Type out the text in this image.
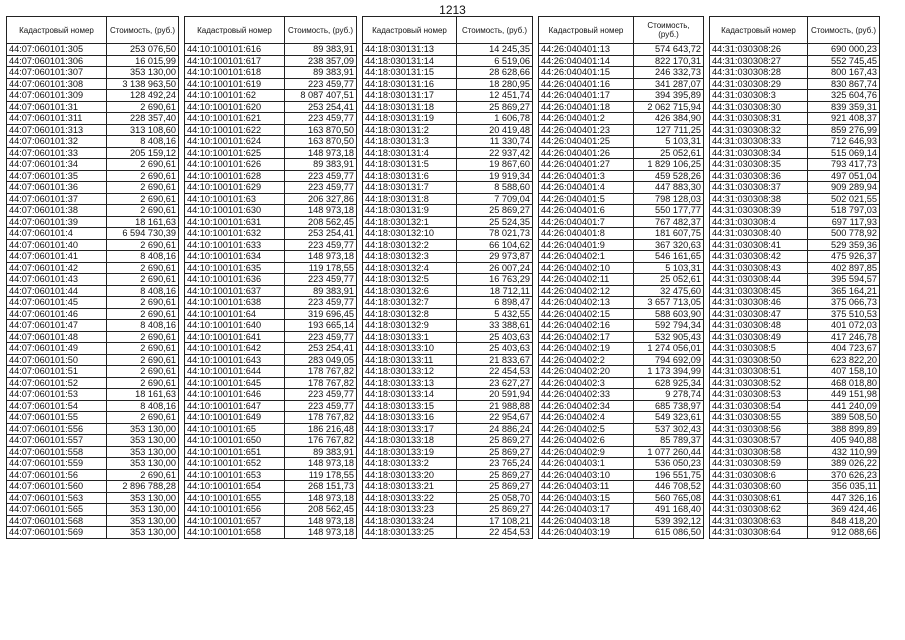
1213
Кадастровый номер	Стоимость, (руб.)
44:07:060101:305	253 076,50
44:07:060101:306	16 015,99
44:07:060101:307	353 130,00
44:07:060101:308	3 138 963,50
44:07:060101:309	128 492,24
44:07:060101:31	2 690,61
44:07:060101:311	228 357,40
44:07:060101:313	313 108,60
44:07:060101:32	8 408,16
44:07:060101:33	205 159,12
44:07:060101:34	2 690,61
44:07:060101:35	2 690,61
44:07:060101:36	2 690,61
44:07:060101:37	2 690,61
44:07:060101:38	2 690,61
44:07:060101:39	18 161,63
44:07:060101:4	6 594 730,39
44:07:060101:40	2 690,61
44:07:060101:41	8 408,16
44:07:060101:42	2 690,61
44:07:060101:43	2 690,61
44:07:060101:44	8 408,16
44:07:060101:45	2 690,61
44:07:060101:46	2 690,61
44:07:060101:47	8 408,16
44:07:060101:48	2 690,61
44:07:060101:49	2 690,61
44:07:060101:50	2 690,61
44:07:060101:51	2 690,61
44:07:060101:52	2 690,61
44:07:060101:53	18 161,63
44:07:060101:54	8 408,16
44:07:060101:55	2 690,61
44:07:060101:556	353 130,00
44:07:060101:557	353 130,00
44:07:060101:558	353 130,00
44:07:060101:559	353 130,00
44:07:060101:56	2 690,61
44:07:060101:560	2 896 788,28
44:07:060101:563	353 130,00
44:07:060101:565	353 130,00
44:07:060101:568	353 130,00
44:07:060101:569	353 130,00
Кадастровый номер	Стоимость, (руб.)
44:10:100101:616	89 383,91
44:10:100101:617	238 357,09
44:10:100101:618	89 383,91
44:10:100101:619	223 459,77
44:10:100101:62	8 087 407,51
44:10:100101:620	253 254,41
44:10:100101:621	223 459,77
44:10:100101:622	163 870,50
44:10:100101:624	163 870,50
44:10:100101:625	148 973,18
44:10:100101:626	89 383,91
44:10:100101:628	223 459,77
44:10:100101:629	223 459,77
44:10:100101:63	206 327,86
44:10:100101:630	148 973,18
44:10:100101:631	208 562,45
44:10:100101:632	253 254,41
44:10:100101:633	223 459,77
44:10:100101:634	148 973,18
44:10:100101:635	119 178,55
44:10:100101:636	223 459,77
44:10:100101:637	89 383,91
44:10:100101:638	223 459,77
44:10:100101:64	319 696,45
44:10:100101:640	193 665,14
44:10:100101:641	223 459,77
44:10:100101:642	253 254,41
44:10:100101:643	283 049,05
44:10:100101:644	178 767,82
44:10:100101:645	178 767,82
44:10:100101:646	223 459,77
44:10:100101:647	223 459,77
44:10:100101:649	178 767,82
44:10:100101:65	186 216,48
44:10:100101:650	176 767,82
44:10:100101:651	89 383,91
44:10:100101:652	148 973,18
44:10:100101:653	119 178,55
44:10:100101:654	268 151,73
44:10:100101:655	148 973,18
44:10:100101:656	208 562,45
44:10:100101:657	148 973,18
44:10:100101:658	148 973,18
Кадастровый номер	Стоимость, (руб.)
44:18:030131:13	14 245,35
44:18:030131:14	6 519,06
44:18:030131:15	28 628,66
44:18:030131:16	18 280,95
44:18:030131:17	12 451,74
44:18:030131:18	25 869,27
44:18:030131:19	1 606,78
44:18:030131:2	20 419,48
44:18:030131:3	11 330,74
44:18:030131:4	22 937,42
44:18:030131:5	19 867,60
44:18:030131:6	19 919,34
44:18:030131:7	8 588,60
44:18:030131:8	7 709,04
44:18:030131:9	25 869,27
44:18:030132:1	25 524,35
44:18:030132:10	78 021,73
44:18:030132:2	66 104,62
44:18:030132:3	29 973,87
44:18:030132:4	26 007,24
44:18:030132:5	16 763,29
44:18:030132:6	18 712,11
44:18:030132:7	6 898,47
44:18:030132:8	5 432,55
44:18:030132:9	33 388,61
44:18:030133:1	25 403,63
44:18:030133:10	25 403,63
44:18:030133:11	21 833,67
44:18:030133:12	22 454,53
44:18:030133:13	23 627,27
44:18:030133:14	20 591,94
44:18:030133:15	21 988,88
44:18:030133:16	22 954,67
44:18:030133:17	24 886,24
44:18:030133:18	25 869,27
44:18:030133:19	25 869,27
44:18:030133:2	23 765,24
44:18:030133:20	25 869,27
44:18:030133:21	25 869,27
44:18:030133:22	25 058,70
44:18:030133:23	25 869,27
44:18:030133:24	17 108,21
44:18:030133:25	22 454,53
Кадастровый номер	Стоимость, (руб.)
44:26:040401:13	574 643,72
44:26:040401:14	822 170,31
44:26:040401:15	246 332,73
44:26:040401:16	341 287,07
44:26:040401:17	394 395,89
44:26:040401:18	2 062 715,94
44:26:040401:2	426 384,90
44:26:040401:23	127 711,25
44:26:040401:25	5 103,31
44:26:040401:26	25 052,61
44:26:040401:27	1 829 106,25
44:26:040401:3	459 528,26
44:26:040401:4	447 883,30
44:26:040401:5	798 128,03
44:26:040401:6	550 177,77
44:26:040401:7	767 482,37
44:26:040401:8	181 607,75
44:26:040401:9	367 320,63
44:26:040402:1	546 161,65
44:26:040402:10	5 103,31
44:26:040402:11	25 052,61
44:26:040402:12	32 475,60
44:26:040402:13	3 657 713,05
44:26:040402:15	588 603,90
44:26:040402:16	592 794,34
44:26:040402:17	532 905,43
44:26:040402:19	1 274 056,01
44:26:040402:2	794 692,09
44:26:040402:20	1 173 394,99
44:26:040402:3	628 925,34
44:26:040402:33	9 278,74
44:26:040402:34	685 738,97
44:26:040402:4	549 323,61
44:26:040402:5	537 302,43
44:26:040402:6	85 789,37
44:26:040402:9	1 077 260,44
44:26:040403:1	536 050,23
44:26:040403:10	196 551,75
44:26:040403:11	446 708,52
44:26:040403:15	560 765,08
44:26:040403:17	491 168,40
44:26:040403:18	539 392,12
44:26:040403:19	615 086,50
Кадастровый номер	Стоимость, (руб.)
44:31:030308:26	690 000,23
44:31:030308:27	552 745,45
44:31:030308:28	800 167,43
44:31:030308:29	830 867,74
44:31:030308:3	325 604,76
44:31:030308:30	839 359,31
44:31:030308:31	921 408,37
44:31:030308:32	859 276,99
44:31:030308:33	712 646,93
44:31:030308:34	515 069,14
44:31:030308:35	793 417,73
44:31:030308:36	497 051,04
44:31:030308:37	909 289,94
44:31:030308:38	502 021,55
44:31:030308:39	518 797,03
44:31:030308:4	697 117,93
44:31:030308:40	500 778,92
44:31:030308:41	529 359,36
44:31:030308:42	475 926,37
44:31:030308:43	402 897,85
44:31:030308:44	395 594,57
44:31:030308:45	365 164,21
44:31:030308:46	375 066,73
44:31:030308:47	375 510,53
44:31:030308:48	401 072,03
44:31:030308:49	417 246,78
44:31:030308:5	404 723,67
44:31:030308:50	623 822,20
44:31:030308:51	407 158,10
44:31:030308:52	468 018,80
44:31:030308:53	449 151,98
44:31:030308:54	441 240,09
44:31:030308:55	389 508,50
44:31:030308:56	388 899,89
44:31:030308:57	405 940,88
44:31:030308:58	432 110,99
44:31:030308:59	389 026,22
44:31:030308:6	370 626,23
44:31:030308:60	356 035,11
44:31:030308:61	447 326,16
44:31:030308:62	369 424,46
44:31:030308:63	848 418,20
44:31:030308:64	912 088,66
